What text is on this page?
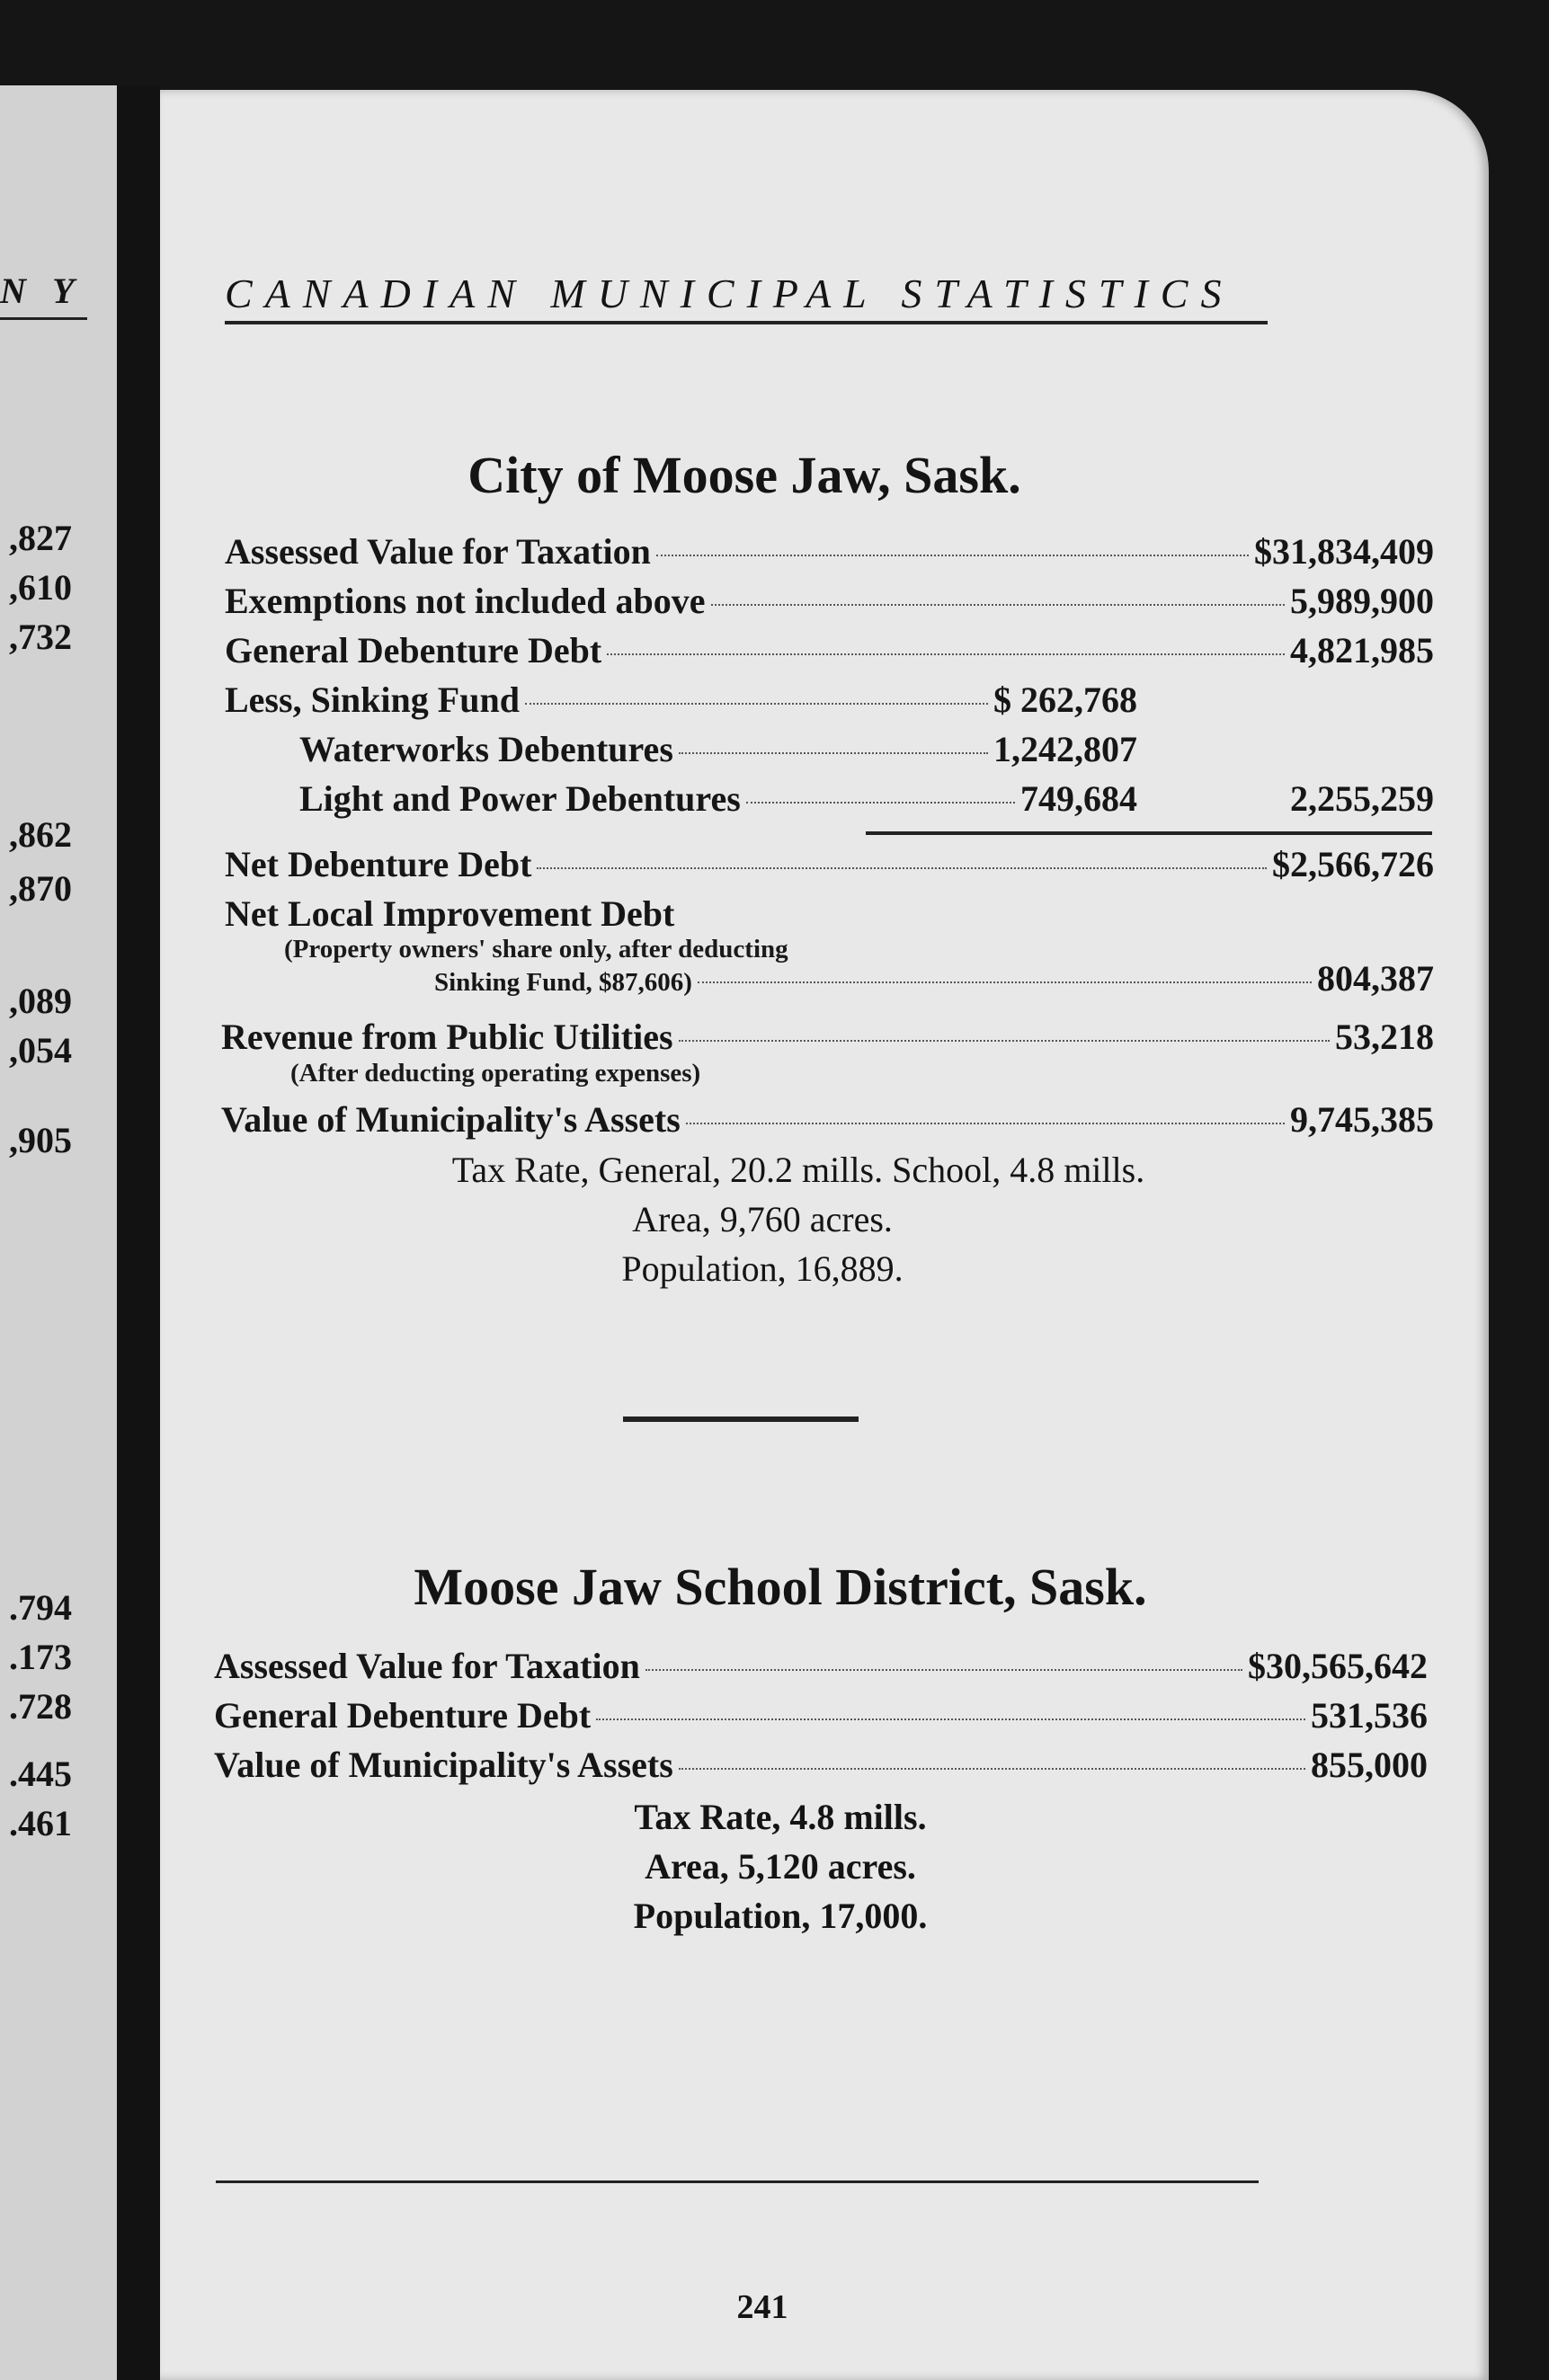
N Y
,827
,610
,732
,862
,870
,089
,054
,905
.794
.173
.728
.445
.461
CANADIAN MUNICIPAL STATISTICS
City of Moose Jaw, Sask.
Assessed Value for Taxation	$31,834,409
Exemptions not included above	5,989,900
General Debenture Debt	4,821,985
Less, Sinking Fund	$ 262,768
Waterworks Debentures	1,242,807
Light and Power Debentures	749,684	2,255,259
Net Debenture Debt	$2,566,726
Net Local Improvement Debt
(Property owners' share only, after deducting
Sinking Fund, $87,606)	804,387
Revenue from Public Utilities	53,218
(After deducting operating expenses)
Value of Municipality's Assets	9,745,385
Tax Rate, General, 20.2 mills. School, 4.8 mills.
Area, 9,760 acres.
Population, 16,889.
Moose Jaw School District, Sask.
Assessed Value for Taxation	$30,565,642
General Debenture Debt	531,536
Value of Municipality's Assets	855,000
Tax Rate, 4.8 mills.
Area, 5,120 acres.
Population, 17,000.
241
